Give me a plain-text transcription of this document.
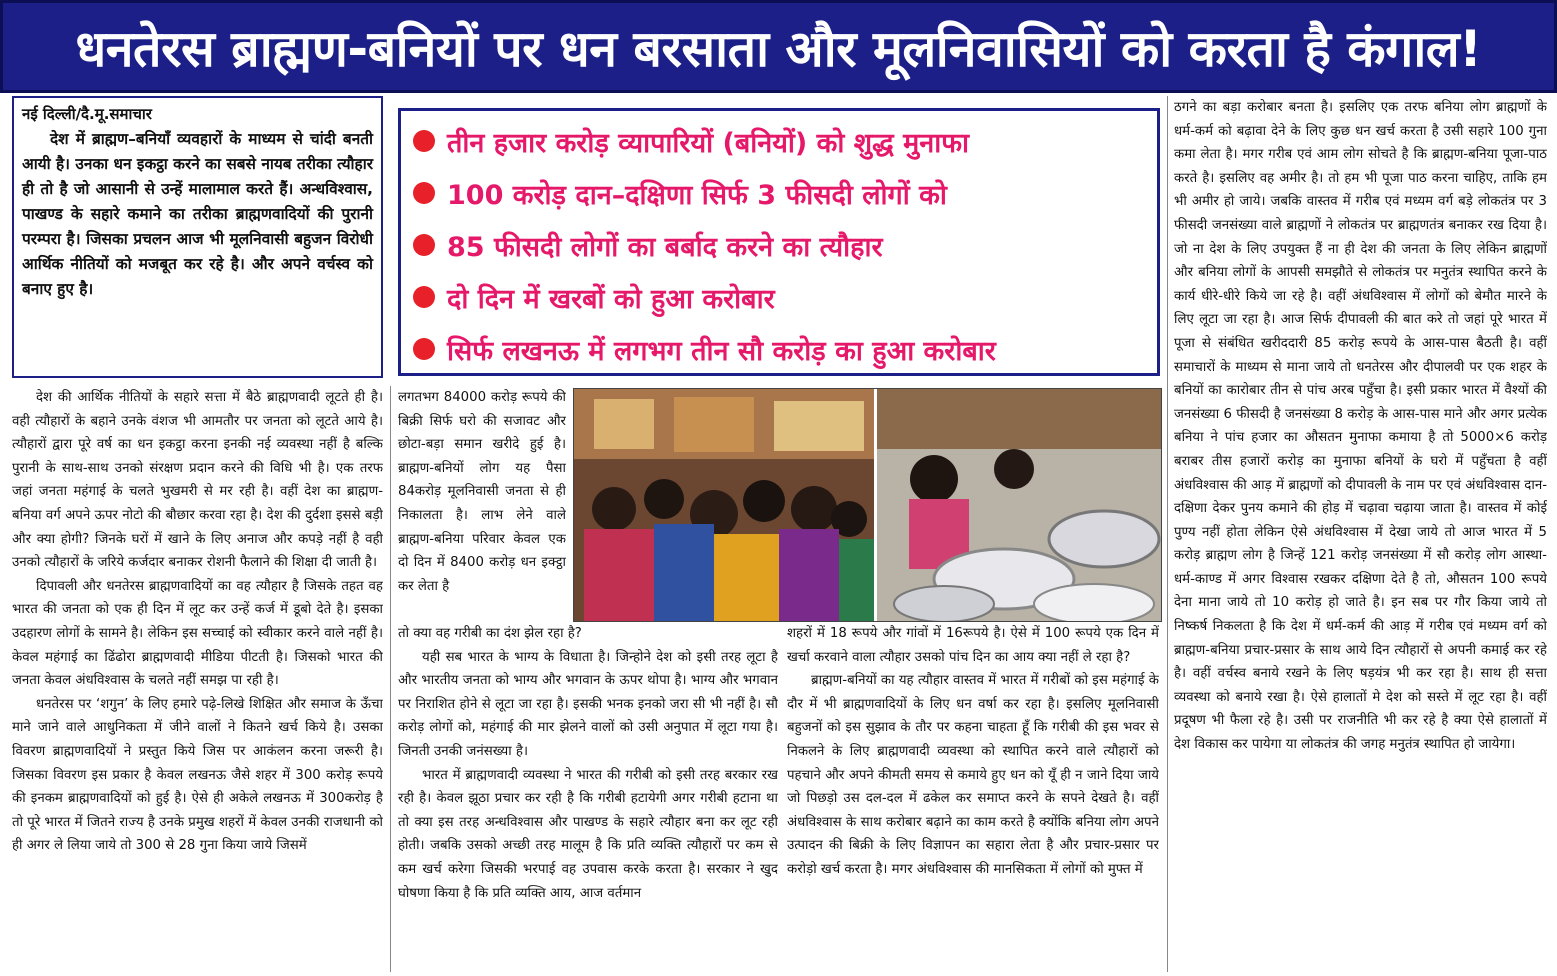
धनतेरस ब्राह्मण-बनियों पर धन बरसाता और मूलनिवासियों को करता है कंगाल!
नई दिल्ली/दै.मू.समाचार
देश में ब्राह्मण–बनियाँ व्यवहारों के माध्यम से चांदी बनती आयी है। उनका धन इकट्ठा करने का सबसे नायब तरीका त्यौहार ही तो है जो आसानी से उन्हें मालामाल करते हैं। अन्धविश्वास, पाखण्ड के सहारे कमाने का तरीका ब्राह्मणवादियों की पुरानी परम्परा है। जिसका प्रचलन आज भी मूलनिवासी बहुजन विरोधी आर्थिक नीतियों को मजबूत कर रहे है। और अपने वर्चस्व को बनाए हुए है।
तीन हजार करोड़ व्यापारियों (बनियों) को शुद्ध मुनाफा
100 करोड़ दान–दक्षिणा सिर्फ 3 फीसदी लोगों को
85 फीसदी लोगों का बर्बाद करने का त्यौहार
दो दिन में खरबों को हुआ करोबार
सिर्फ लखनऊ में लगभग तीन सौ करोड़ का हुआ करोबार

देश की आर्थिक नीतियों के सहारे सत्ता में बैठे ब्राह्मणवादी लूटते ही है। वही त्यौहारों के बहाने उनके वंशज भी आमतौर पर जनता को लूटते आये है। त्यौहारों द्वारा पूरे वर्ष का धन इकट्ठा करना इनकी नई व्यवस्था नहीं है बल्कि पुरानी के साथ-साथ उनको संरक्षण प्रदान करने की विधि भी है। एक तरफ जहां जनता महंगाई के चलते भुखमरी से मर रही है। वहीं देश का ब्राह्मण-बनिया वर्ग अपने ऊपर नोटो की बौछार करवा रहा है। देश की दुर्दशा इससे बड़ी और क्या होगी? जिनके घरों में खाने के लिए अनाज और कपड़े नहीं है वही उनको त्यौहारों के जरिये कर्जदार बनाकर रोशनी फैलाने की शिक्षा दी जाती है।

दिपावली और धनतेरस ब्राह्मणवादियों का वह त्यौहार है जिसके तहत वह भारत की जनता को एक ही दिन में लूट कर उन्हें कर्ज में डूबो देते है। इसका उदहारण लोगों के सामने है। लेकिन इस सच्चाई को स्वीकार करने वाले नहीं है। केवल महंगाई का ढिंढोरा ब्राह्मणवादी मीडिया पीटती है। जिसको भारत की जनता केवल अंधविश्वास के चलते नहीं समझ पा रही है।

धनतेरस पर ‘शगुन’ के लिए हमारे पढ़े-लिखे शिक्षित और समाज के ऊँचा माने जाने वाले आधुनिकता में जीने वालों ने कितने खर्च किये है। उसका विवरण ब्राह्मणवादियों ने प्रस्तुत किये जिस पर आकंलन करना जरूरी है। जिसका विवरण इस प्रकार है केवल लखनऊ जैसे शहर में 300 करोड़ रूपये की इनकम ब्राह्मणवादियों को हुई है। ऐसे ही अकेले लखनऊ में 300करोड़ है तो पूरे भारत में जितने राज्य है उनके प्रमुख शहरों में केवल उनकी राजधानी को ही अगर ले लिया जाये तो 300 से 28 गुना किया जाये जिसमें

लगतभग 84000 करोड़ रूपये की बिक्री सिर्फ घरो की सजावट और छोटा-बड़ा समान खरीदे हुई है। ब्राह्मण-बनियों लोग यह पैसा 84करोड़ मूलनिवासी जनता से ही निकालता है। लाभ लेने वाले ब्राह्मण-बनिया परिवार केवल एक दो दिन में 8400 करोड़ धन इक्ट्ठा कर लेता है

तो क्या वह गरीबी का दंश झेल रहा है?

यही सब भारत के भाग्य के विधाता है। जिन्होने देश को इसी तरह लूटा है और भारतीय जनता को भाग्य और भगवान के ऊपर थोपा है। भाग्य और भगवान पर निराशित होने से लूटा जा रहा है। इसकी भनक इनको जरा सी भी नहीं है। सौ करोड़ लोगों को, महंगाई की मार झेलने वालों को उसी अनुपात में लूटा गया है। जिनती उनकी जनंसख्या है।

भारत में ब्राह्मणवादी व्यवस्था ने भारत की गरीबी को इसी तरह बरकार रख रही है। केवल झूठा प्रचार कर रही है कि गरीबी हटायेगी अगर गरीबी हटाना था तो क्या इस तरह अन्धविश्वास और पाखण्ड के सहारे त्यौहार बना कर लूट रही होती। जबकि उसको अच्छी तरह मालूम है कि प्रति व्यक्ति त्यौहारों पर कम से कम खर्च करेगा जिसकी भरपाई वह उपवास करके करता है। सरकार ने खुद घोषणा किया है कि प्रति व्यक्ति आय, आज वर्तमान

शहरों में 18 रूपये और गांवों में 16रूपये है। ऐसे में 100 रूपये एक दिन में खर्चा करवाने वाला त्यौहार उसको पांच दिन का आय क्या नहीं ले रहा है?

ब्राह्मण-बनियों का यह त्यौहार वास्तव में भारत में गरीबों को इस महंगाई के दौर में भी ब्राह्मणवादियों के लिए धन वर्षा कर रहा है। इसलिए मूलनिवासी बहुजनों को इस सुझाव के तौर पर कहना चाहता हूँ कि गरीबी की इस भवर से निकलने के लिए ब्राह्मणवादी व्यवस्था को स्थापित करने वाले त्यौहारों को पहचाने और अपने कीमती समय से कमाये हुए धन को यूँ ही न जाने दिया जाये जो पिछड़ो उस दल-दल में ढकेल कर समाप्त करने के सपने देखते है। वहीं अंधविश्वास के साथ करोबार बढ़ाने का काम करते है क्योंकि बनिया लोग अपने उत्पादन की बिक्री के लिए विज्ञापन का सहारा लेता है और प्रचार-प्रसार पर करोड़ो खर्च करता है। मगर अंधविश्वास की मानसिकता में लोगों को मुफ्त में

ठगने का बड़ा करोबार बनता है। इसलिए एक तरफ बनिया लोग ब्राह्मणों के धर्म-कर्म को बढ़ावा देने के लिए कुछ धन खर्च करता है उसी सहारे 100 गुना कमा लेता है। मगर गरीब एवं आम लोग सोचते है कि ब्राह्मण-बनिया पूजा-पाठ करते है। इसलिए वह अमीर है। तो हम भी पूजा पाठ करना चाहिए, ताकि हम भी अमीर हो जाये। जबकि वास्तव में गरीब एवं मध्यम वर्ग बड़े लोकतंत्र पर 3 फीसदी जनसंख्या वाले ब्राह्मणों ने लोकतंत्र पर ब्राह्मणतंत्र बनाकर रख दिया है। जो ना देश के लिए उपयुक्त हैं ना ही देश की जनता के लिए लेकिन ब्राह्मणों और बनिया लोगों के आपसी समझौते से लोकतंत्र पर मनुतंत्र स्थापित करने के कार्य धीरे-धीरे किये जा रहे है। वहीं अंधविश्वास में लोगों को बेमौत मारने के लिए लूटा जा रहा है। आज सिर्फ दीपावली की बात करे तो जहां पूरे भारत में पूजा से संबंधित खरीददारी 85 करोड़ रूपये के आस-पास बैठती है। वहीं समाचारों के माध्यम से माना जाये तो धनतेरस और दीपालवी पर एक शहर के बनियों का कारोबार तीन से पांच अरब पहुँचा है। इसी प्रकार भारत में वैश्यों की जनसंख्या 6 फीसदी है जनसंख्या 8 करोड़ के आस-पास माने और अगर प्रत्येक बनिया ने पांच हजार का औसतन मुनाफा कमाया है तो 5000×6 करोड़ बराबर तीस हजारों करोड़ का मुनाफा बनियों के घरो में पहुँचता है वहीं अंधविश्वास की आड़ में ब्राह्मणों को दीपावली के नाम पर एवं अंधविश्वास दान-दक्षिणा देकर पुनय कमाने की होड़ में चढ़ावा चढ़ाया जाता है। वास्तव में कोई पुण्य नहीं होता लेकिन ऐसे अंधविश्वास में देखा जाये तो आज भारत में 5 करोड़ ब्राह्मण लोग है जिन्हें 121 करोड़ जनसंख्या में सौ करोड़ लोग आस्था-धर्म-काण्ड में अगर विश्वास रखकर दक्षिणा देते है तो, औसतन 100 रूपये देना माना जाये तो 10 करोड़ हो जाते है। इन सब पर गौर किया जाये तो निष्कर्ष निकलता है कि देश में धर्म-कर्म की आड़ में गरीब एवं मध्यम वर्ग को ब्राह्मण-बनिया प्रचार-प्रसार के साथ आये दिन त्यौहारों से अपनी कमाई कर रहे है। वहीं वर्चस्व बनाये रखने के लिए षड़यंत्र भी कर रहा है। साथ ही सत्ता व्यवस्था को बनाये रखा है। ऐसे हालातों मे देश को सस्ते में लूट रहा है। वहीं प्रदूषण भी फैला रहे है। उसी पर राजनीति भी कर रहे है क्या ऐसे हालातों में देश विकास कर पायेगा या लोकतंत्र की जगह मनुतंत्र स्थापित हो जायेगा।
